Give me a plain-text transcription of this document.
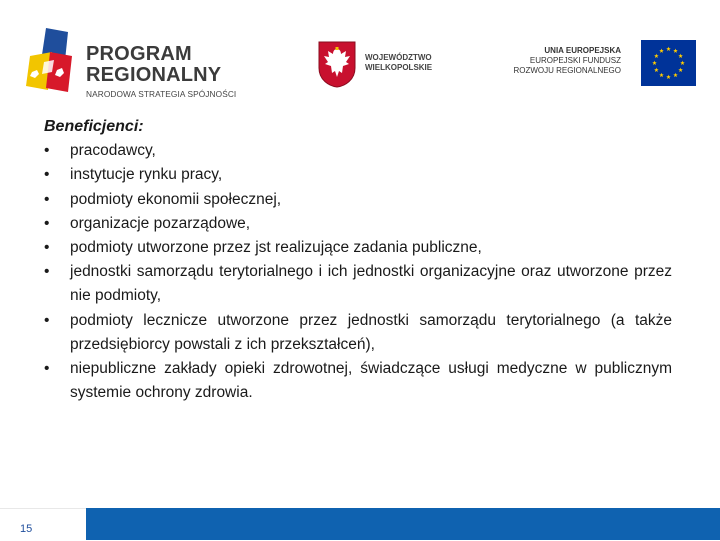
PROGRAM
REGIONALNY
NARODOWA STRATEGIA SPÓJNOŚCI
WOJEWÓDZTWO
WIELKOPOLSKIE
UNIA EUROPEJSKA
EUROPEJSKI FUNDUSZ
ROZWOJU REGIONALNEGO

Beneficjenci:

•	pracodawcy,
•	instytucje rynku pracy,
•	podmioty ekonomii społecznej,
•	organizacje pozarządowe,
•	podmioty utworzone przez jst realizujące zadania publiczne,
•	jednostki samorządu terytorialnego i ich jednostki organizacyjne oraz utworzone przez nie podmioty,
•	podmioty lecznicze utworzone przez jednostki samorządu terytorialnego (a także przedsiębiorcy powstali z ich przekształceń),
•	niepubliczne zakłady opieki zdrowotnej, świadczące usługi medyczne w publicznym systemie ochrony zdrowia.
15
